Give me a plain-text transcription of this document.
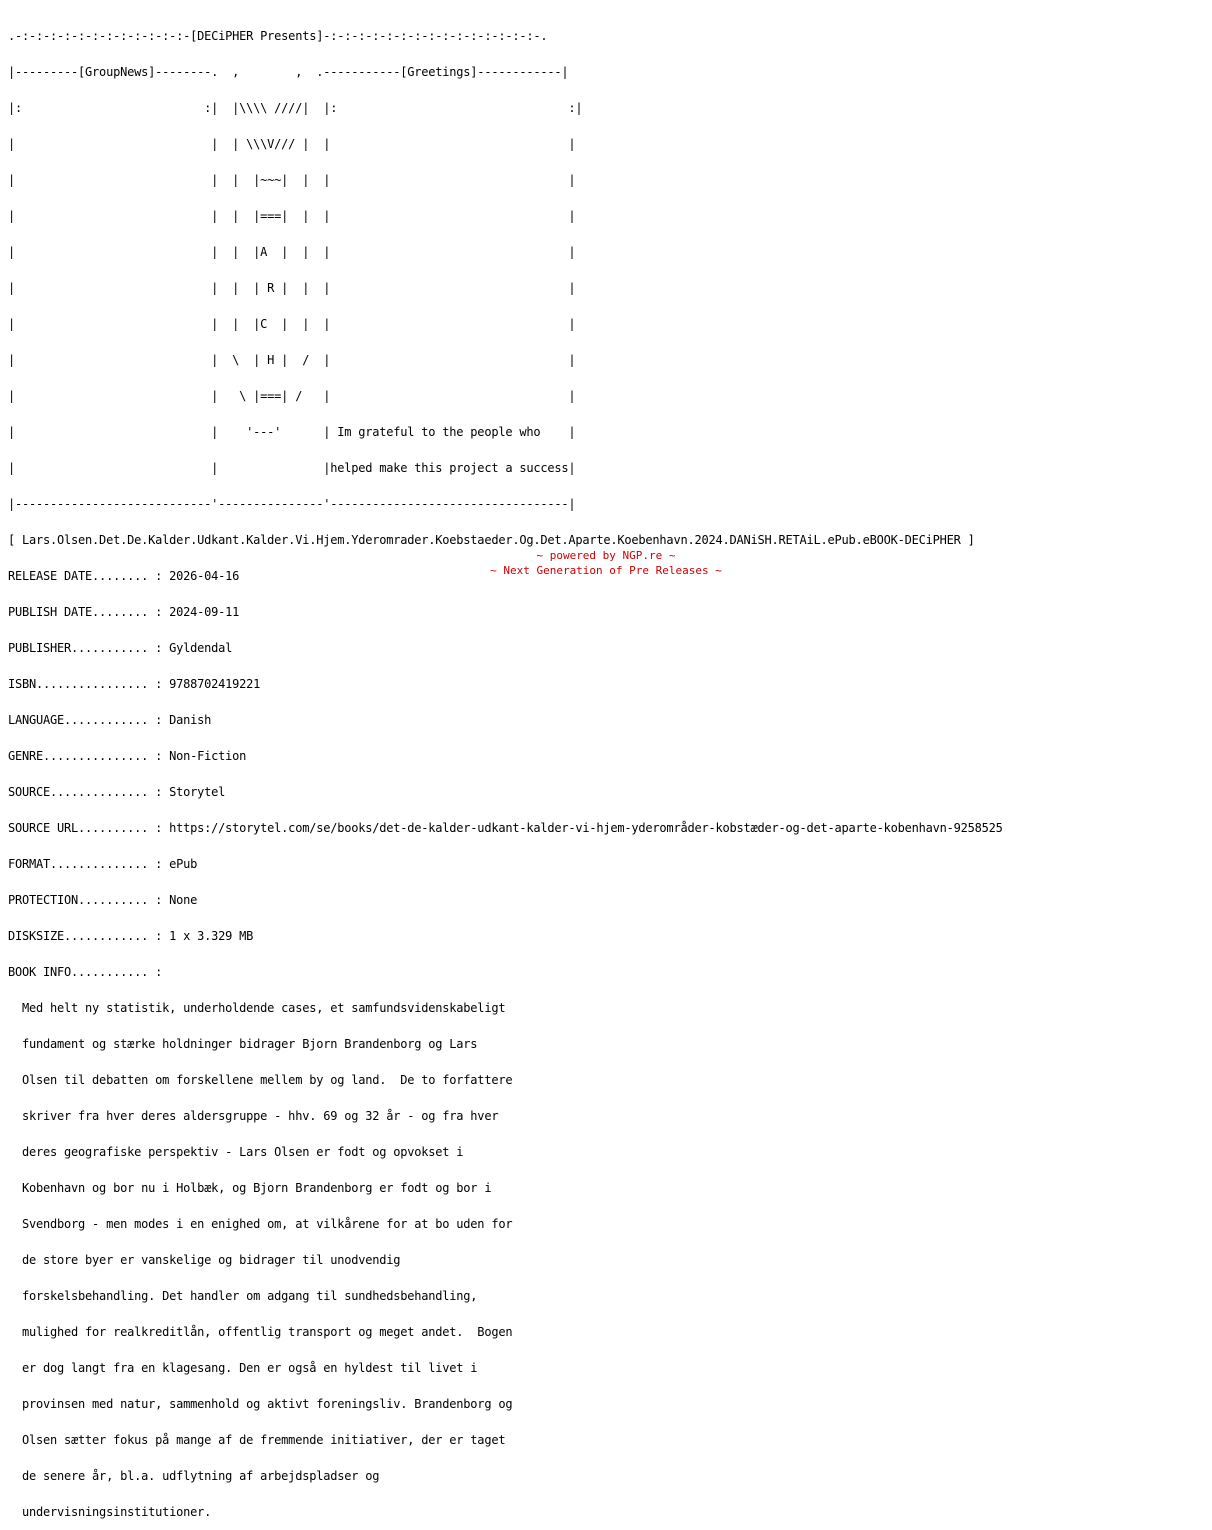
.-:-:-:-:-:-:-:-:-:-:-:-:-[DECiPHER Presents]-:-:-:-:-:-:-:-:-:-:-:-:-:-:-:-.

|---------[GroupNews]--------.  ,        ,  .-----------[Greetings]------------|

|:                          :|  |\\\\ ////|  |:                                 :|

|                            |  | \\\V/// |  |                                  |

|                            |  |  |~~~|  |  |                                  |

|                            |  |  |===|  |  |                                  |

|                            |  |  |A  |  |  |                                  |

|                            |  |  | R |  |  |                                  |

|                            |  |  |C  |  |  |                                  |

|                            |  \  | H |  /  |                                  |

|                            |   \ |===| /   |                                  |

|                            |    '---'      | Im grateful to the people who    |

|                            |               |helped make this project a success|

|----------------------------'---------------'----------------------------------|

[ Lars.Olsen.Det.De.Kalder.Udkant.Kalder.Vi.Hjem.Yderomrader.Koebstaeder.Og.Det.Aparte.Koebenhavn.2024.DANiSH.RETAiL.ePub.eBOOK-DECiPHER ]

RELEASE DATE........ : 2026-04-16

PUBLISH DATE........ : 2024-09-11

PUBLISHER........... : Gyldendal

ISBN................ : 9788702419221

LANGUAGE............ : Danish

GENRE............... : Non-Fiction

SOURCE.............. : Storytel

SOURCE URL.......... : https://storytel.com/se/books/det-de-kalder-udkant-kalder-vi-hjem-yderområder-kobstæder-og-det-aparte-kobenhavn-9258525

FORMAT.............. : ePub

PROTECTION.......... : None

DISKSIZE............ : 1 x 3.329 MB

BOOK INFO........... :

Med helt ny statistik, underholdende cases, et samfundsvidenskabeligt

fundament og stærke holdninger bidrager Bjorn Brandenborg og Lars

Olsen til debatten om forskellene mellem by og land.  De to forfattere

skriver fra hver deres aldersgruppe - hhv. 69 og 32 år - og fra hver

deres geografiske perspektiv - Lars Olsen er fodt og opvokset i

Kobenhavn og bor nu i Holbæk, og Bjorn Brandenborg er fodt og bor i

Svendborg - men modes i en enighed om, at vilkårene for at bo uden for

de store byer er vanskelige og bidrager til unodvendig

forskelsbehandling. Det handler om adgang til sundhedsbehandling,

mulighed for realkreditlån, offentlig transport og meget andet.  Bogen

er dog langt fra en klagesang. Den er også en hyldest til livet i

provinsen med natur, sammenhold og aktivt foreningsliv. Brandenborg og

Olsen sætter fokus på mange af de fremmende initiativer, der er taget

de senere år, bl.a. udflytning af arbejdspladser og

undervisningsinstitutioner.

~ powered by NGP.re ~
~ Next Generation of Pre Releases ~
